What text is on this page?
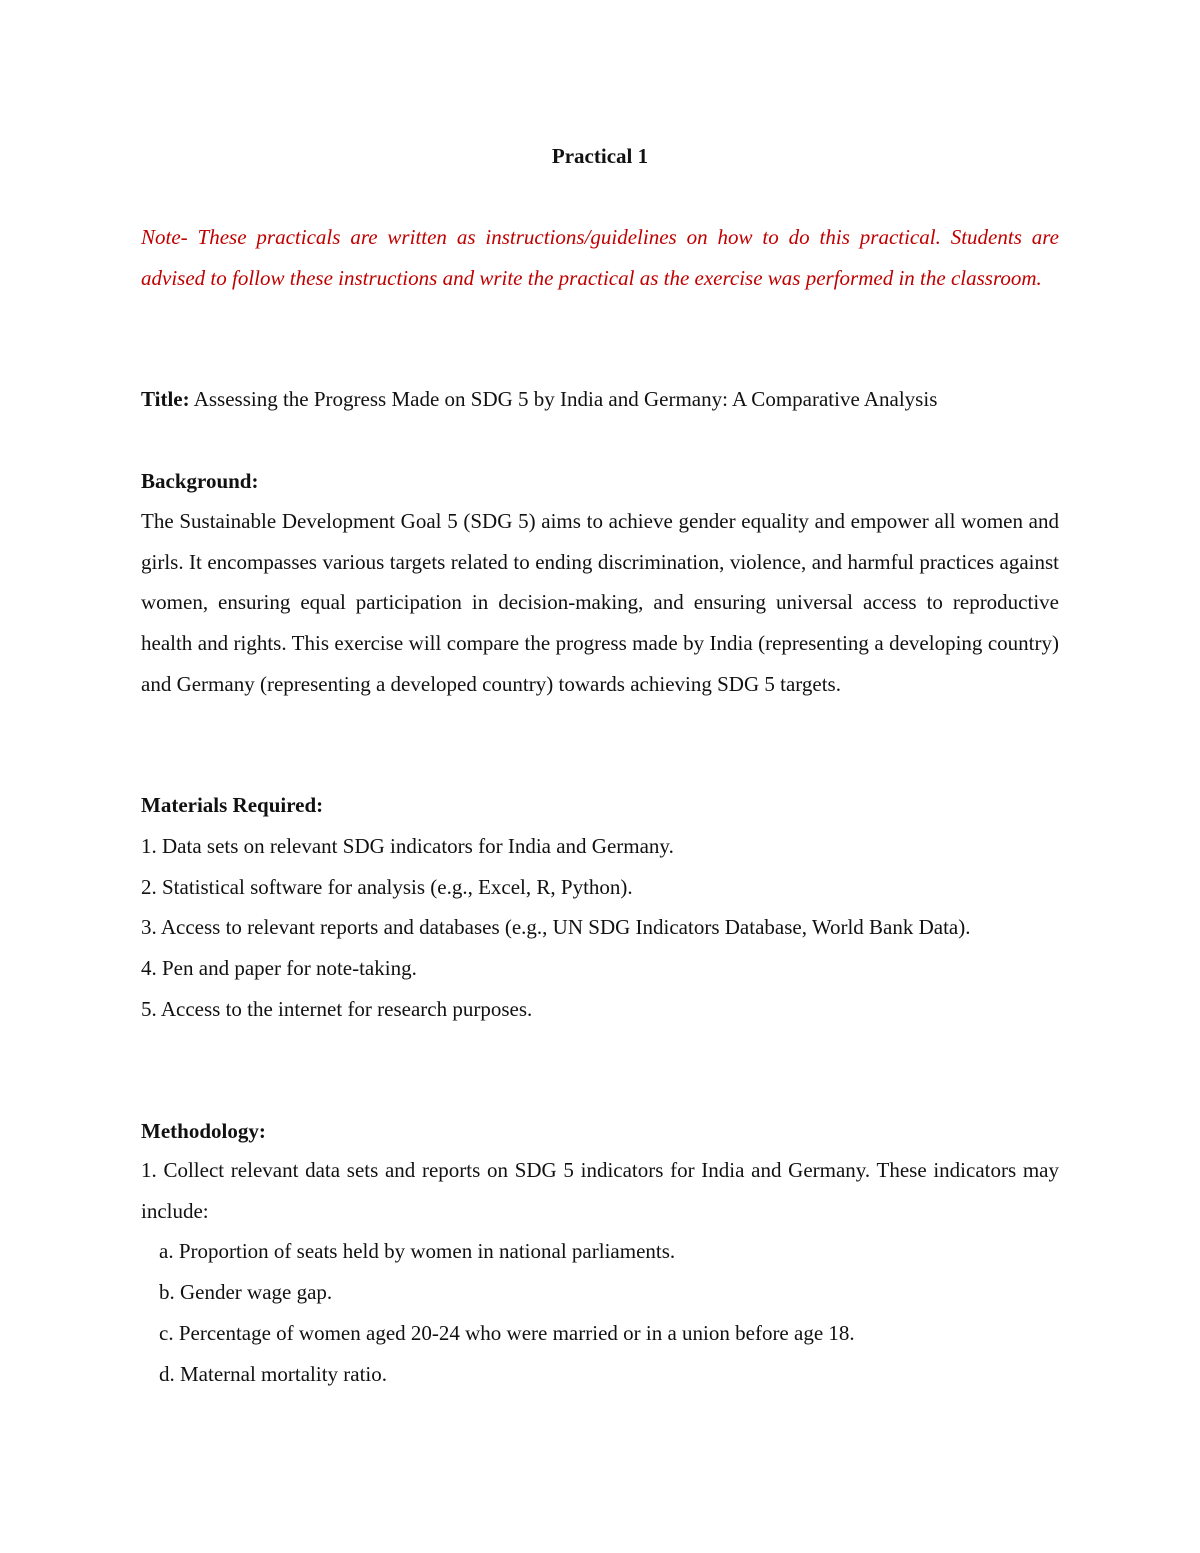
Practical 1
Note- These practicals are written as instructions/guidelines on how to do this practical. Students are advised to follow these instructions and write the practical as the exercise was performed in the classroom.
Title: Assessing the Progress Made on SDG 5 by India and Germany: A Comparative Analysis
Background:
The Sustainable Development Goal 5 (SDG 5) aims to achieve gender equality and empower all women and girls. It encompasses various targets related to ending discrimination, violence, and harmful practices against women, ensuring equal participation in decision-making, and ensuring universal access to reproductive health and rights. This exercise will compare the progress made by India (representing a developing country) and Germany (representing a developed country) towards achieving SDG 5 targets.
Materials Required:
1. Data sets on relevant SDG indicators for India and Germany.
2. Statistical software for analysis (e.g., Excel, R, Python).
3. Access to relevant reports and databases (e.g., UN SDG Indicators Database, World Bank Data).
4. Pen and paper for note-taking.
5. Access to the internet for research purposes.
Methodology:
1. Collect relevant data sets and reports on SDG 5 indicators for India and Germany. These indicators may include:
a. Proportion of seats held by women in national parliaments.
b. Gender wage gap.
c. Percentage of women aged 20-24 who were married or in a union before age 18.
d. Maternal mortality ratio.
